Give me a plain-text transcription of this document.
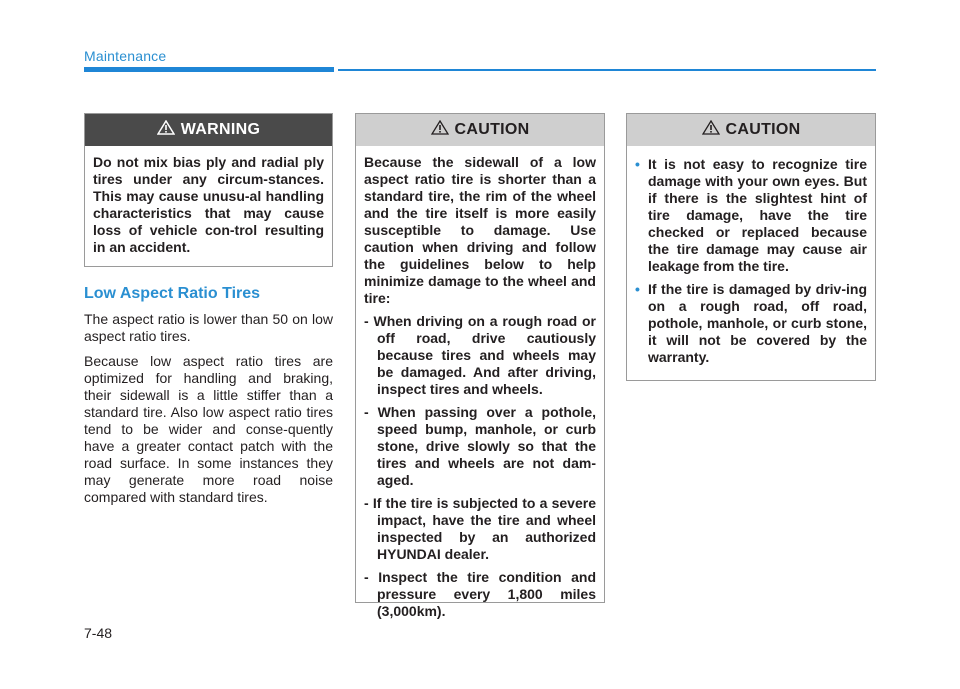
Maintenance
WARNING

Do not mix bias ply and radial ply tires under any circum-stances. This may cause unusu-al handling characteristics that may cause loss of vehicle con-trol resulting in an accident.

Low Aspect Ratio Tires

The aspect ratio is lower than 50 on low aspect ratio tires.

Because low aspect ratio tires are optimized for handling and braking, their sidewall is a little stiffer than a standard tire. Also low aspect ratio tires tend to be wider and conse-quently have a greater contact patch with the road surface. In some instances they may generate more road noise compared with standard tires.

CAUTION

Because the sidewall of a low aspect ratio tire is shorter than a standard tire, the rim of the wheel and the tire itself is more easily susceptible to damage. Use caution when driving and follow the guidelines below to help minimize damage to the wheel and tire:

- When driving on a rough road or off road, drive cautiously because tires and wheels may be damaged. And after driving, inspect tires and wheels.
- When passing over a pothole, speed bump, manhole, or curb stone, drive slowly so that the tires and wheels are not dam-aged.
- If the tire is subjected to a severe impact, have the tire and wheel inspected by an authorized HYUNDAI dealer.
- Inspect the tire condition and pressure every 1,800 miles (3,000km).
CAUTION
• It is not easy to recognize tire damage with your own eyes. But if there is the slightest hint of tire damage, have the tire checked or replaced because the tire damage may cause air leakage from the tire.
• If the tire is damaged by driv-ing on a rough road, off road, pothole, manhole, or curb stone, it will not be covered by the warranty.
7-48
